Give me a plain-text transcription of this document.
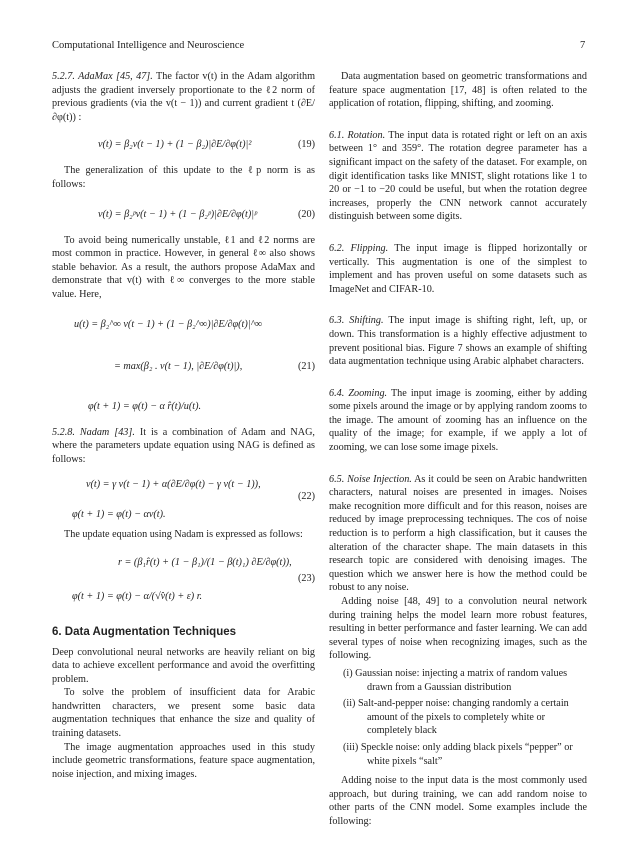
Computational Intelligence and Neuroscience	7

5.2.7. AdaMax [45, 47]. The factor v(t) in the Adam algorithm adjusts the gradient inversely proportionate to the ℓ2 norm of previous gradients (via the v(t − 1)) and current gradient t (∂E/∂φ(t)) :

v(t) = β₂v(t − 1) + (1 − β₂)|∂E/∂φ(t)|²	(19)

The generalization of this update to the ℓp norm is as follows:

v(t) = β₂ᵖv(t − 1) + (1 − β₂ᵖ)|∂E/∂φ(t)|ᵖ	(20)

To avoid being numerically unstable, ℓ1 and ℓ2 norms are most common in practice. However, in general ℓ∞ also shows stable behavior. As a result, the authors propose AdaMax and demonstrate that v(t) with ℓ∞ converges to the more stable value. Here,

u(t) = β₂^∞ v(t − 1) + (1 − β₂^∞)|∂E/∂φ(t)|^∞
= max(β₂ . v(t − 1), |∂E/∂φ(t)|),	(21)
φ(t + 1) = φ(t) − α r̂(t)/u(t).

5.2.8. Nadam [43]. It is a combination of Adam and NAG, where the parameters update equation using NAG is defined as follows:

v(t) = γ v(t − 1) + α(∂E/∂φ(t) − γ v(t − 1)),
(22)
φ(t + 1) = φ(t) − αv(t).

The update equation using Nadam is expressed as follows:

r = (β₁r̂(t) + (1 − β₁)/(1 − β(t)₁) ∂E/∂φ(t)),
(23)
φ(t + 1) = φ(t) − α/(√v̂(t) + ε) r.
6. Data Augmentation Techniques

Deep convolutional neural networks are heavily reliant on big data to achieve excellent performance and avoid the overfitting problem.

To solve the problem of insufficient data for Arabic handwritten characters, we present some basic data augmentation techniques that enhance the size and quality of training datasets.

The image augmentation approaches used in this study include geometric transformations, feature space augmentation, noise injection, and mixing images.

Data augmentation based on geometric transformations and feature space augmentation [17, 48] is often related to the application of rotation, flipping, shifting, and zooming.

6.1. Rotation. The input data is rotated right or left on an axis between 1° and 359°. The rotation degree parameter has a significant impact on the safety of the dataset. For example, on digit identification tasks like MNIST, slight rotations like 1 to 20 or −1 to −20 could be useful, but when the rotation degree increases, properly the CNN network cannot accurately distinguish between some digits.

6.2. Flipping. The input image is flipped horizontally or vertically. This augmentation is one of the simplest to implement and has proven useful on some datasets such as ImageNet and CIFAR-10.

6.3. Shifting. The input image is shifting right, left, up, or down. This transformation is a highly effective adjustment to prevent positional bias. Figure 7 shows an example of shifting data augmentation technique using Arabic alphabet characters.

6.4. Zooming. The input image is zooming, either by adding some pixels around the image or by applying random zooms to the image. The amount of zooming has an influence on the quality of the image; for example, if we apply a lot of zooming, we can lose some image pixels.

6.5. Noise Injection. As it could be seen on Arabic handwritten characters, natural noises are presented in images. Noises make recognition more difficult and for this reason, noises are reduced by image preprocessing techniques. The cos of noise reduction is to perform a high classification, but it causes the alteration of the character shape. The main datasets in this research topic are considered with denoising images. The question which we answer here is how the method could be robust to any noise.

Adding noise [48, 49] to a convolution neural network during training helps the model learn more robust features, resulting in better performance and faster learning. We can add several types of noise when recognizing images, such as the following.

(i) Gaussian noise: injecting a matrix of random values drawn from a Gaussian distribution
(ii) Salt-and-pepper noise: changing randomly a certain amount of the pixels to completely white or completely black
(iii) Speckle noise: only adding black pixels “pepper” or white pixels “salt”

Adding noise to the input data is the most commonly used approach, but during training, we can add random noise to other parts of the CNN model. Some examples include the following:
